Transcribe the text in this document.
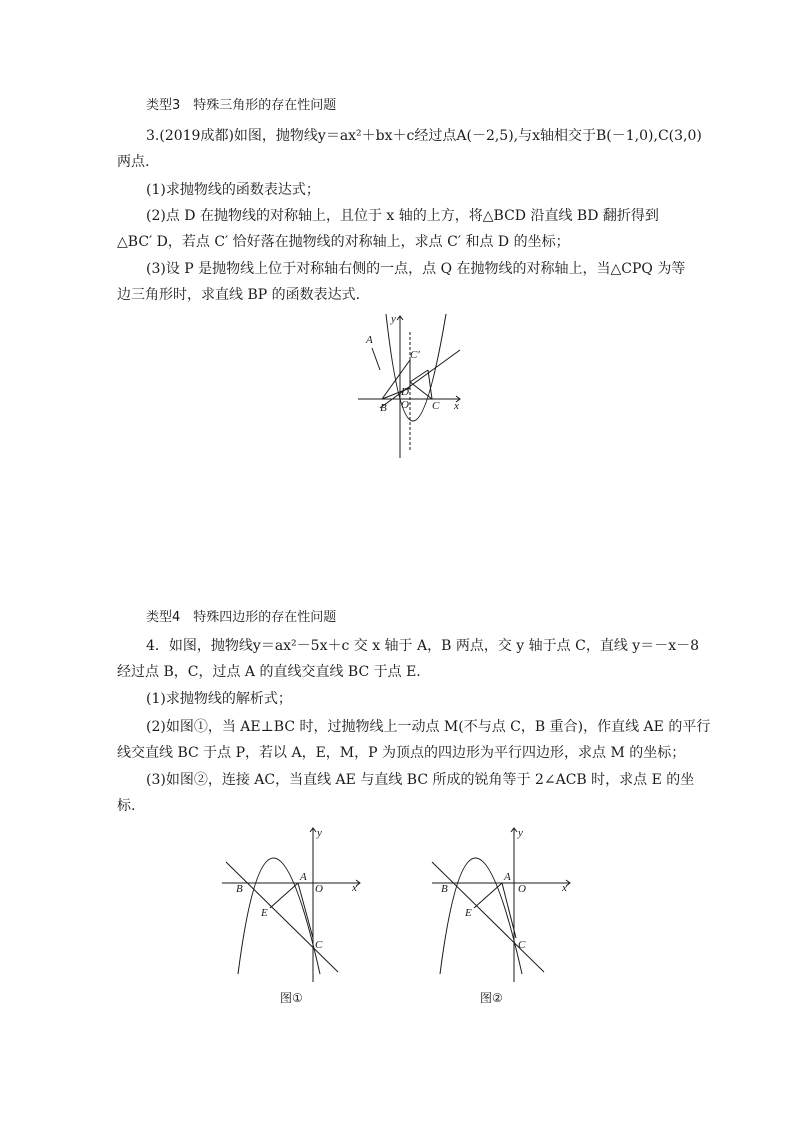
类型3　特殊三角形的存在性问题
3.(2019成都)如图，抛物线y＝ax²＋bx＋c经过点A(－2,5),与x轴相交于B(－1,0),C(3,0)
两点.
(1)求抛物线的函数表达式；
(2)点 D 在抛物线的对称轴上，且位于 x 轴的上方，将△BCD 沿直线 BD 翻折得到
△BC′ D，若点 C′ 恰好落在抛物线的对称轴上，求点 C′ 和点 D 的坐标；
(3)设 P 是抛物线上位于对称轴右侧的一点，点 Q 在抛物线的对称轴上，当△CPQ 为等
边三角形时，求直线 BP 的函数表达式.
y
x
A
C′
D
O
B	C
类型4　特殊四边形的存在性问题
4．如图，抛物线y＝ax²－5x＋c 交 x 轴于 A，B 两点，交 y 轴于点 C，直线 y＝－x－8
经过点 B，C，过点 A 的直线交直线 BC 于点 E.
(1)求抛物线的解析式；
(2)如图①，当 AE⊥BC 时，过抛物线上一动点 M(不与点 C，B 重合)，作直线 AE 的平行
线交直线 BC 于点 P，若以 A，E，M，P 为顶点的四边形为平行四边形，求点 M 的坐标；
(3)如图②，连接 AC，当直线 AE 与直线 BC 所成的锐角等于 2∠ACB 时，求点 E 的坐
标.
y
x
B
A
O
E
C
图①
y
x
B
A
O
E
C
图②
